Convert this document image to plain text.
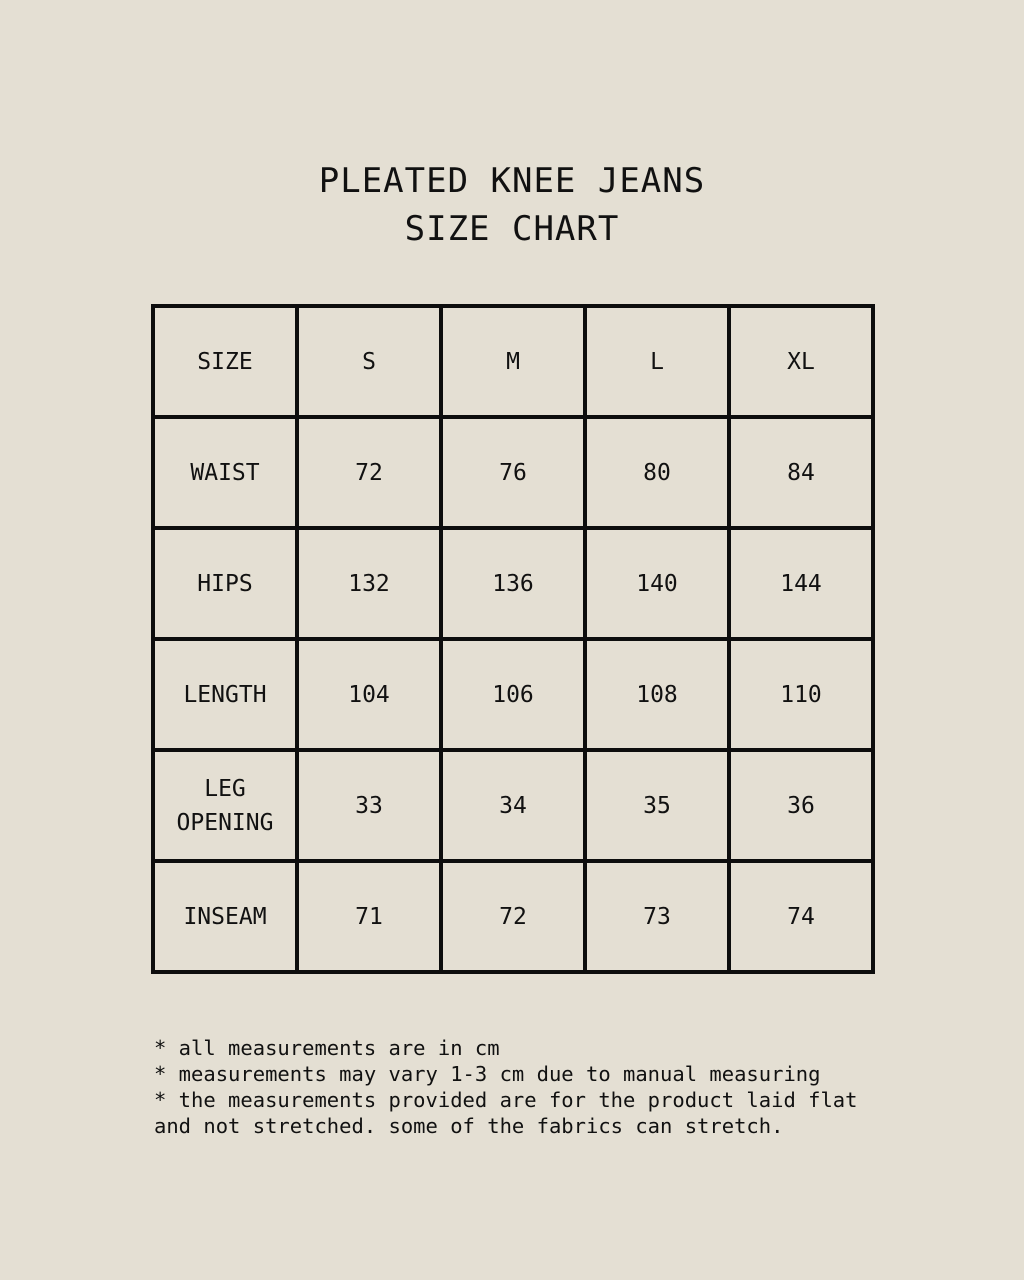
PLEATED KNEE JEANS
SIZE CHART
SIZE	S	M	L	XL
WAIST	72	76	80	84
HIPS	132	136	140	144
LENGTH	104	106	108	110
LEG
OPENING	33	34	35	36
INSEAM	71	72	73	74
* all measurements are in cm
* measurements may vary 1-3 cm due to manual measuring
* the measurements provided are for the product laid flat
and not stretched. some of the fabrics can stretch.
